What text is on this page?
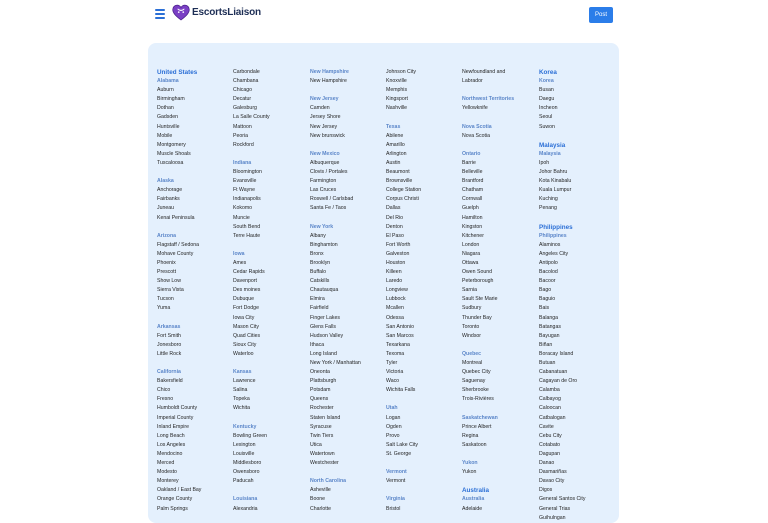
EscortsLiaison	Post
United States
Alabama
Auburn
Birmingham
Dothan
Gadsden
Huntsville
Mobile
Montgomery
Muscle Shoals
Tuscaloosa
Alaska
Anchorage
Fairbanks
Juneau
Kenai Peninsula
Arizona
Flagstaff / Sedona
Mohave County
Phoenix
Prescott
Show Low
Sierra Vista
Tucson
Yuma
Arkansas
Fort Smith
Jonesboro
Little Rock
California
Bakersfield
Chico
Fresno
Humboldt County
Imperial County
Inland Empire
Long Beach
Los Angeles
Mendocino
Merced
Modesto
Monterey
Oakland / East Bay
Orange County
Palm Springs
Carbondale
Chambana
Chicago
Decatur
Galesburg
La Salle County
Mattoon
Peoria
Rockford
Indiana
Bloomington
Evansville
Ft Wayne
Indianapolis
Kokomo
Muncie
South Bend
Terre Haute
Iowa
Ames
Cedar Rapids
Davenport
Des moines
Dubuque
Fort Dodge
Iowa City
Mason City
Quad Cities
Sioux City
Waterloo
Kansas
Lawrence
Salina
Topeka
Wichita
Kentucky
Bowling Green
Lexington
Louisville
Middlesboro
Owensboro
Paducah
Louisiana
Alexandria
New Hampshire
New Hampshire
New Jersey
Camden
Jersey Shore
New Jersey
New brunswick
New Mexico
Albuquerque
Clovis / Portales
Farmington
Las Cruces
Roswell / Carlsbad
Santa Fe / Taos
New York
Albany
Binghamton
Bronx
Brooklyn
Buffalo
Catskills
Chautauqua
Elmira
Fairfield
Finger Lakes
Glens Falls
Hudson Valley
Ithaca
Long Island
New York / Manhattan
Oneonta
Plattsburgh
Potsdam
Queens
Rochester
Staten Island
Syracuse
Twin Tiers
Utica
Watertown
Westchester
North Carolina
Asheville
Boone
Charlotte
Johnson City
Knoxville
Memphis
Kingsport
Nashville
Texas
Abilene
Amarillo
Arlington
Austin
Beaumont
Brownsville
College Station
Corpus Christi
Dallas
Del Rio
Denton
El Paso
Fort Worth
Galveston
Houston
Killeen
Laredo
Longview
Lubbock
Mcallen
Odessa
San Antonio
San Marcos
Texarkana
Texoma
Tyler
Victoria
Waco
Wichita Falls
Utah
Logan
Ogden
Provo
Salt Lake City
St. George
Vermont
Vermont
Virginia
Bristol
Newfoundland and
Labrador
Northwest Territories
Yellowknife
Nova Scotia
Nova Scotia
Ontario
Barrie
Belleville
Brantford
Chatham
Cornwall
Guelph
Hamilton
Kingston
Kitchener
London
Niagara
Ottawa
Owen Sound
Peterborough
Sarnia
Sault Ste Marie
Sudbury
Thunder Bay
Toronto
Windsor
Quebec
Montreal
Quebec City
Saguenay
Sherbrooke
Trois-Rivières
Saskatchewan
Prince Albert
Regina
Saskatoon
Yukon
Yukon
Australia
Australia
Adelaide
Korea
Korea
Busan
Daegu
Incheon
Seoul
Suwon
Malaysia
Malaysia
Ipoh
Johor Bahru
Kota Kinabalu
Kuala Lumpur
Kuching
Penang
Philippines
Philippines
Alaminos
Angeles City
Antipolo
Bacolod
Bacoor
Bago
Baguio
Bais
Balanga
Batangas
Bayugan
Biñan
Boracay Island
Butuan
Cabanatuan
Cagayan de Oro
Calamba
Calbayog
Caloocan
Catbalogan
Cavite
Cebu City
Cotabato
Dagupan
Danao
Dasmariñas
Davao City
Digos
General Santos City
General Trias
Guihulngan
